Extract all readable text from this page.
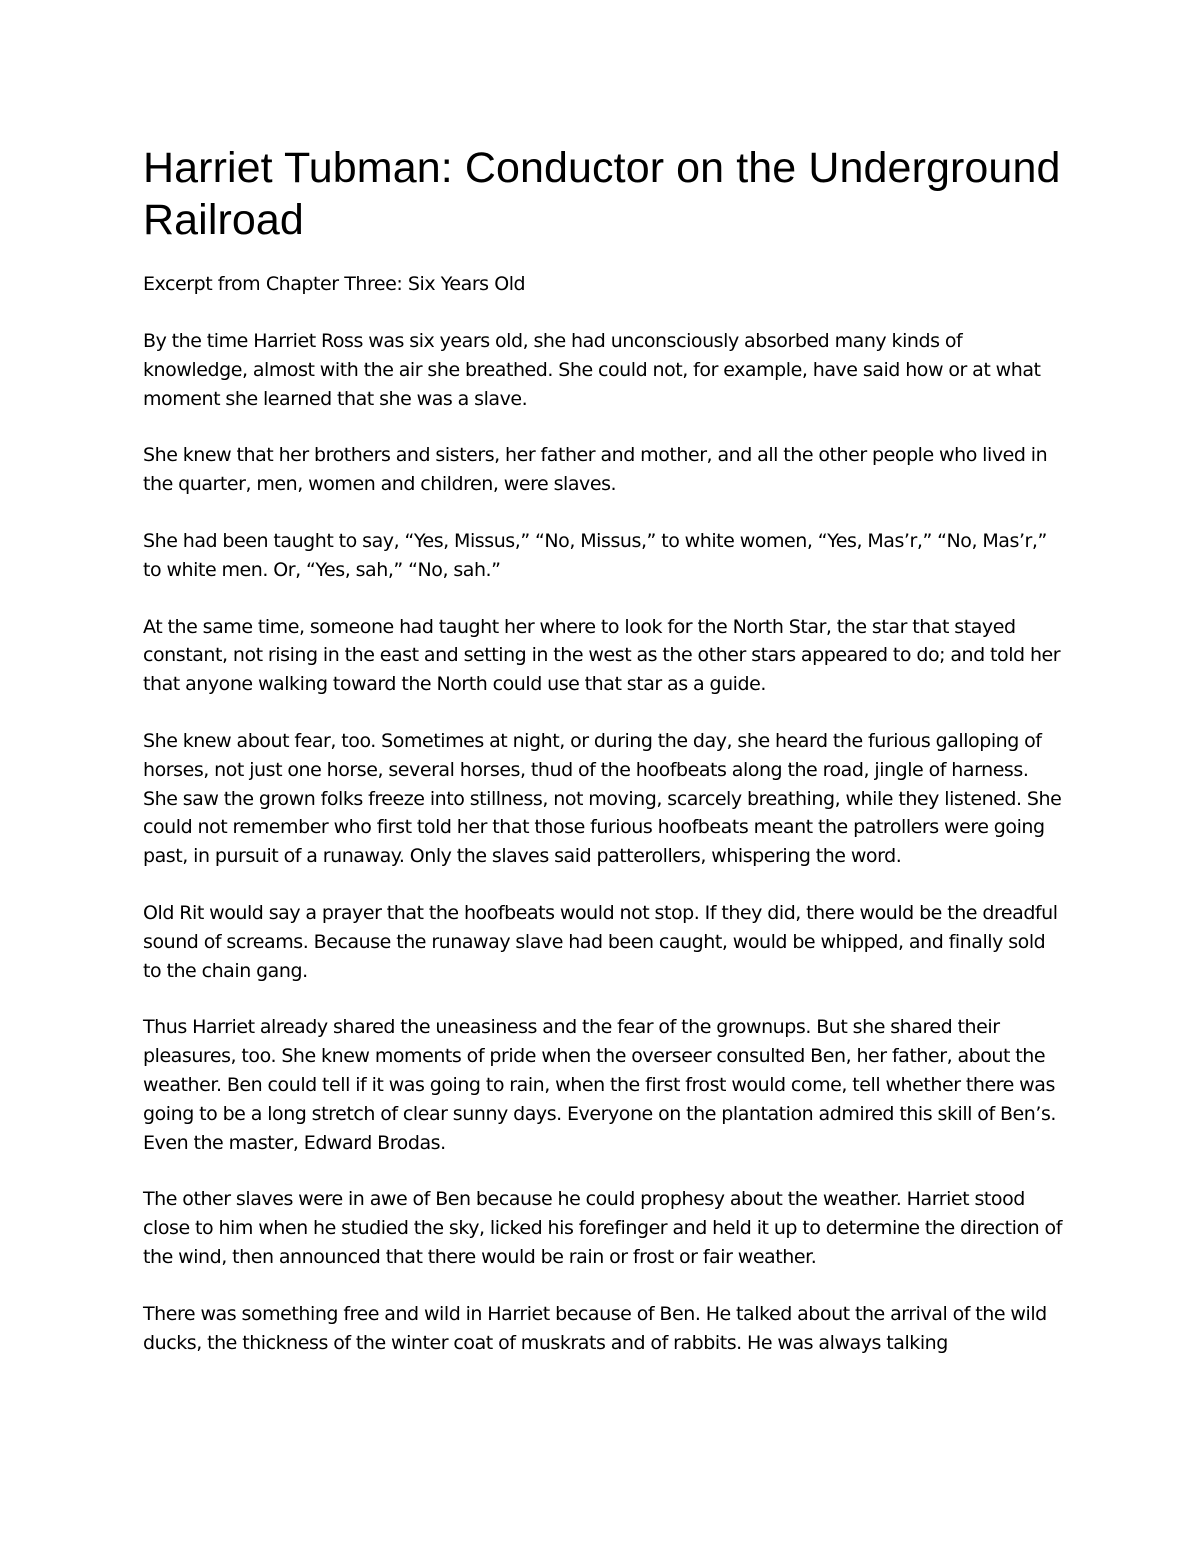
Harriet Tubman: Conductor on the Underground Railroad

Excerpt from Chapter Three: Six Years Old

By the time Harriet Ross was six years old, she had unconsciously absorbed many kinds of knowledge, almost with the air she breathed. She could not, for example, have said how or at what moment she learned that she was a slave.

She knew that her brothers and sisters, her father and mother, and all the other people who lived in the quarter, men, women and children, were slaves.

She had been taught to say, “Yes, Missus,” “No, Missus,” to white women, “Yes, Mas’r,” “No, Mas’r,” to white men. Or, “Yes, sah,” “No, sah.”

At the same time, someone had taught her where to look for the North Star, the star that stayed constant, not rising in the east and setting in the west as the other stars appeared to do; and told her that anyone walking toward the North could use that star as a guide.

She knew about fear, too. Sometimes at night, or during the day, she heard the furious galloping of horses, not just one horse, several horses, thud of the hoofbeats along the road, jingle of harness. She saw the grown folks freeze into stillness, not moving, scarcely breathing, while they listened. She could not remember who first told her that those furious hoofbeats meant the patrollers were going past, in pursuit of a runaway. Only the slaves said patterollers, whispering the word.

Old Rit would say a prayer that the hoofbeats would not stop. If they did, there would be the dreadful sound of screams. Because the runaway slave had been caught, would be whipped, and finally sold to the chain gang.

Thus Harriet already shared the uneasiness and the fear of the grownups. But she shared their pleasures, too. She knew moments of pride when the overseer consulted Ben, her father, about the weather. Ben could tell if it was going to rain, when the first frost would come, tell whether there was going to be a long stretch of clear sunny days. Everyone on the plantation admired this skill of Ben’s. Even the master, Edward Brodas.

The other slaves were in awe of Ben because he could prophesy about the weather. Harriet stood close to him when he studied the sky, licked his forefinger and held it up to determine the direction of the wind, then announced that there would be rain or frost or fair weather.

There was something free and wild in Harriet because of Ben. He talked about the arrival of the wild ducks, the thickness of the winter coat of muskrats and of rabbits. He was always talking
